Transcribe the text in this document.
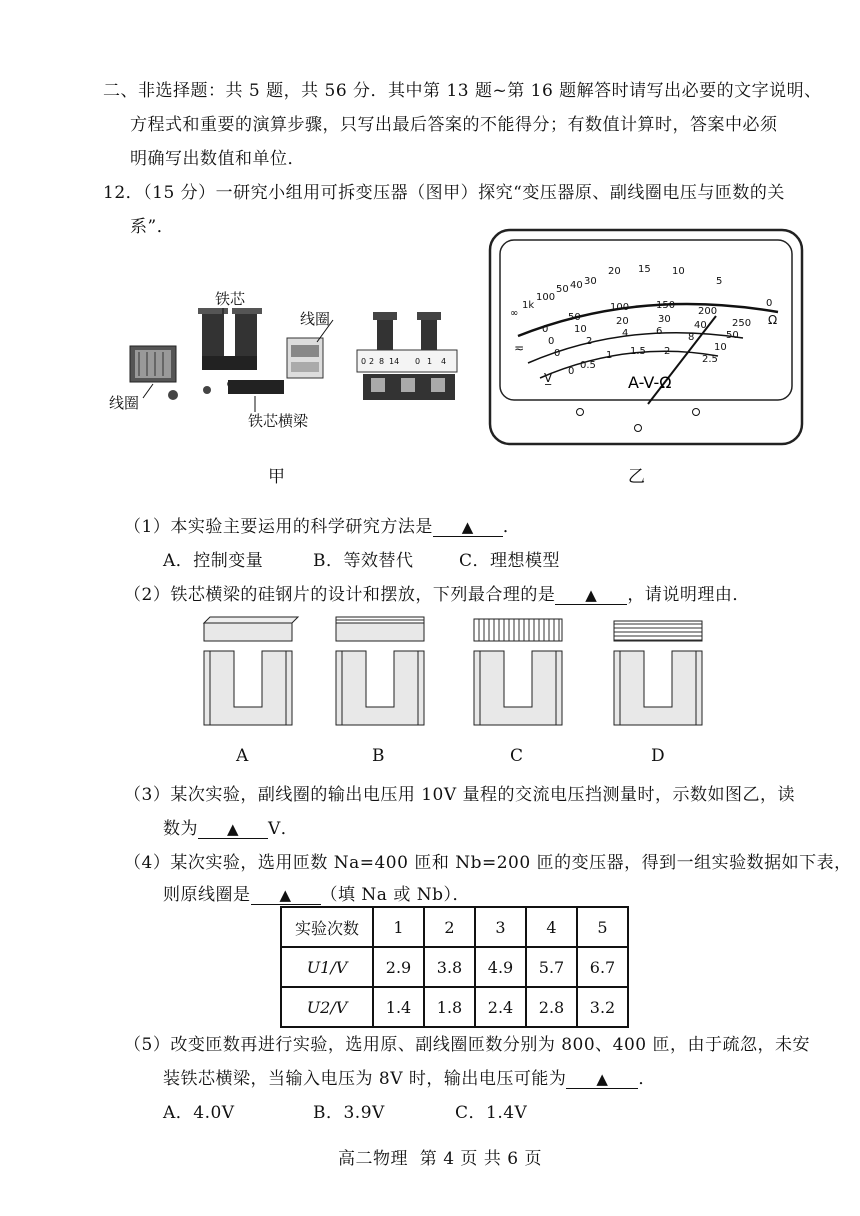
二、非选择题：共 5 题，共 56 分．其中第 13 题~第 16 题解答时请写出必要的文字说明、
方程式和重要的演算步骤，只写出最后答案的不能得分；有数值计算时，答案中必须
明确写出数值和单位．
12．（15 分）一研究小组用可拆变压器（图甲）探究“变压器原、副线圈电压与匝数的关
系”．
0 2 8 14 0 1 4
铁芯
线圈
线圈
铁芯横梁
甲
∞
1k
100
50 40 30
20 15 10
5
0
Ω
0
50
100	150
200
250
0
10
20	30
40
50
0
2
4	6
8
10
0
0.5
1 1.5 2
2.5
≂
V̲	A-V-Ω
乙
（1）本实验主要运用的科学研究方法是 ▲ ．
A．控制变量	B．等效替代	C．理想模型
（2）铁芯横梁的硅钢片的设计和摆放，下列最合理的是 ▲ ，请说明理由．
A	B	C	D
（3）某次实验，副线圈的输出电压用 10V 量程的交流电压挡测量时，示数如图乙，读
数为 ▲ V．
（4）某次实验，选用匝数 Na=400 匝和 Nb=200 匝的变压器，得到一组实验数据如下表，
则原线圈是 ▲ （填 Na 或 Nb）．
实验次数	1	2	3	4	5
U1/V	2.9	3.8	4.9	5.7	6.7
U2/V	1.4	1.8	2.4	2.8	3.2
（5）改变匝数再进行实验，选用原、副线圈匝数分别为 800、400 匝，由于疏忽，未安
装铁芯横梁，当输入电压为 8V 时，输出电压可能为 ▲ ．
A．4.0V	B．3.9V	C．1.4V
高二物理  第 4 页 共 6 页
